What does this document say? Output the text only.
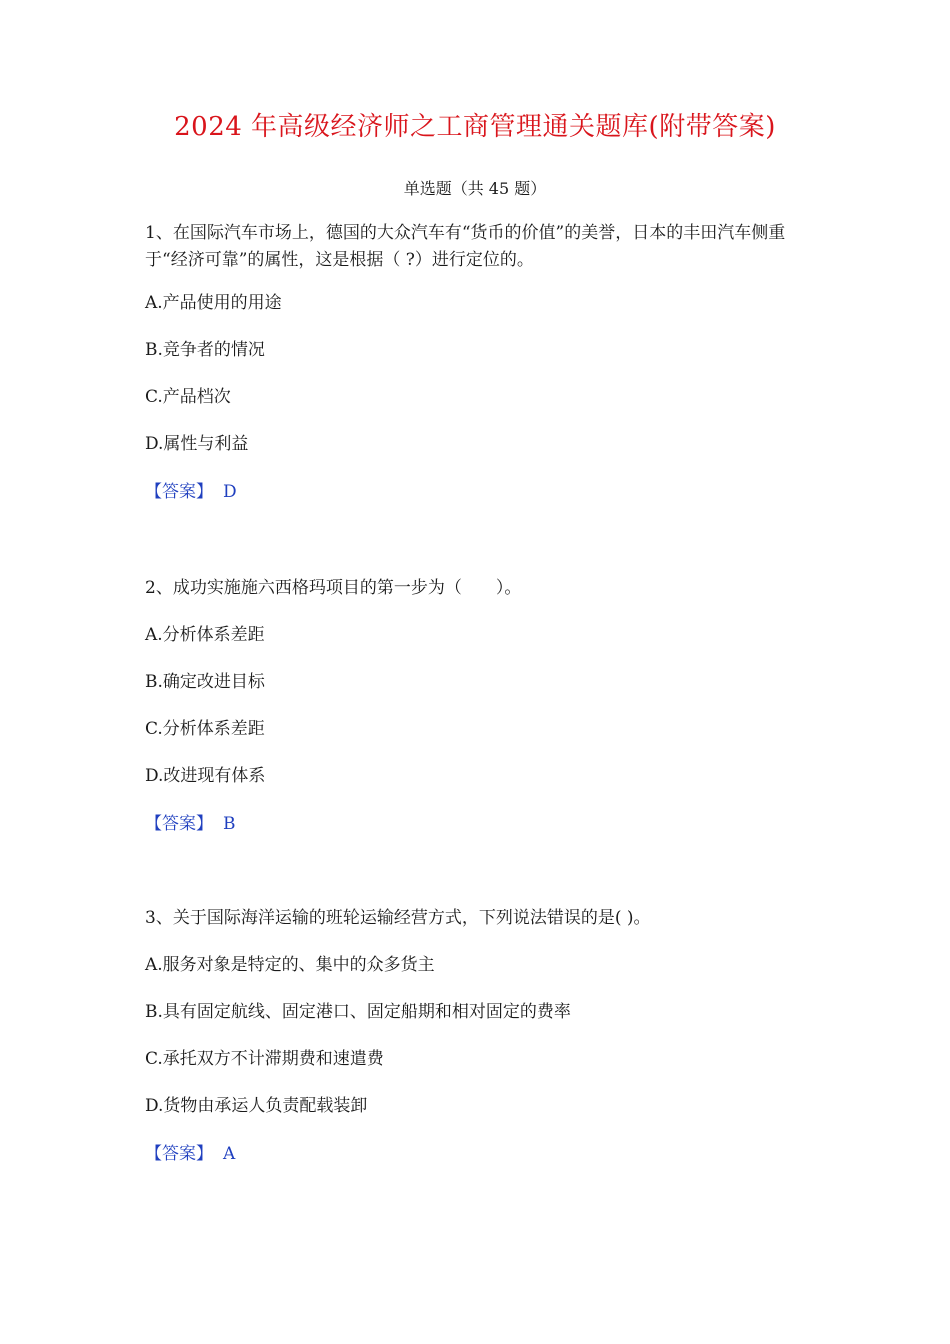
2024 年高级经济师之工商管理通关题库(附带答案)
单选题（共 45 题）

1、在国际汽车市场上，德国的大众汽车有“货币的价值”的美誉，日本的丰田汽车侧重于“经济可靠”的属性，这是根据（ ?）进行定位的。

A.产品使用的用途

B.竞争者的情况

C.产品档次

D.属性与利益

【答案】 D

2、成功实施施六西格玛项目的第一步为（　　）。

A.分析体系差距

B.确定改进目标

C.分析体系差距

D.改进现有体系

【答案】 B

3、关于国际海洋运输的班轮运输经营方式，下列说法错误的是( )。

A.服务对象是特定的、集中的众多货主

B.具有固定航线、固定港口、固定船期和相对固定的费率

C.承托双方不计滞期费和速遣费

D.货物由承运人负责配载装卸

【答案】 A
